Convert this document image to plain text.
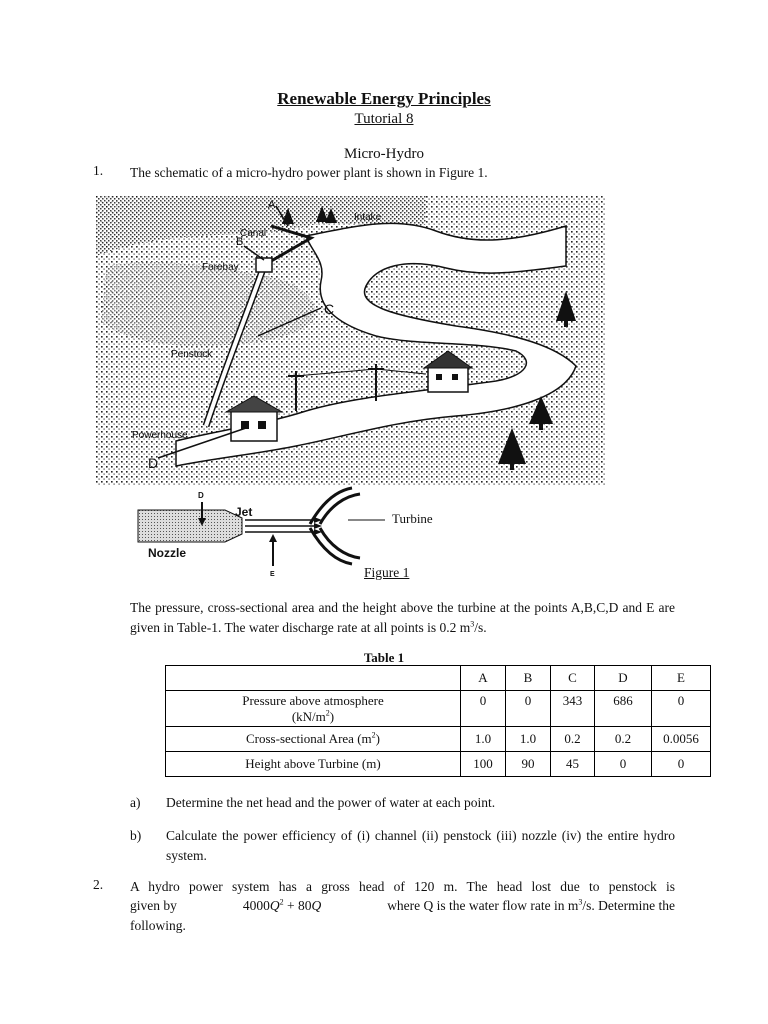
Renewable Energy Principles
Tutorial 8
Micro-Hydro
1. The schematic of a micro-hydro power plant is shown in Figure 1.
A
B
C
D
Intake
Canal
Forebay
Penstock
Powerhouse
D
E
Jet
Nozzle
Turbine
Figure 1
The pressure, cross-sectional area and the height above the turbine at the points A,B,C,D and E are given in Table-1. The water discharge rate at all points is 0.2 $m^3/s$.
Table 1
	A	B	C	D	E
Pressure above atmosphere
$(kN/m^2)$	0	0	343	686	0
Cross-sectional Area $(m^2)$	1.0	1.0	0.2	0.2	0.0056
Height above Turbine (m)	100	90	45	0	0
a) Determine the net head and the power of water at each point.
b) Calculate the power efficiency of (i) channel (ii) penstock (iii) nozzle (iv) the entire hydro system.
2. A hydro power system has a gross head of 120 m. The head lost due to penstock is
given by	$4000Q^2 + 80Q$	where Q is the water flow rate in $m^3/s$. Determine the
following.
